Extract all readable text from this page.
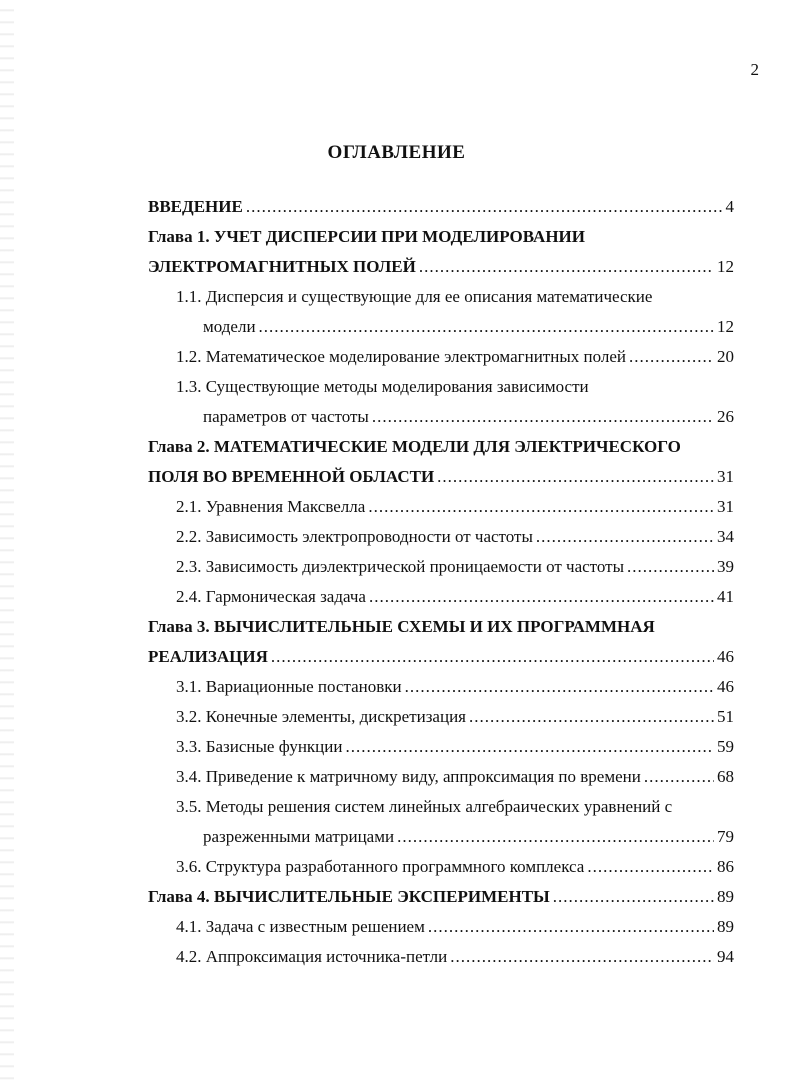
2
ОГЛАВЛЕНИЕ
ВВЕДЕНИЕ .....	4
Глава 1. УЧЕТ ДИСПЕРСИИ ПРИ МОДЕЛИРОВАНИИ
ЭЛЕКТРОМАГНИТНЫХ ПОЛЕЙ .....	12
1.1. Дисперсия и существующие для ее описания математические
модели .....	12
1.2. Математическое моделирование электромагнитных полей .....	20
1.3. Существующие методы моделирования зависимости
параметров от частоты .....	26
Глава 2. МАТЕМАТИЧЕСКИЕ МОДЕЛИ ДЛЯ ЭЛЕКТРИЧЕСКОГО
ПОЛЯ ВО ВРЕМЕННОЙ ОБЛАСТИ .....	31
2.1. Уравнения Максвелла .....	31
2.2. Зависимость электропроводности от частоты .....	34
2.3. Зависимость диэлектрической проницаемости от частоты .....	39
2.4. Гармоническая задача .....	41
Глава 3. ВЫЧИСЛИТЕЛЬНЫЕ СХЕМЫ И ИХ ПРОГРАММНАЯ
РЕАЛИЗАЦИЯ .....	46
3.1. Вариационные постановки .....	46
3.2. Конечные элементы, дискретизация .....	51
3.3. Базисные функции .....	59
3.4. Приведение к матричному виду, аппроксимация по времени .....	68
3.5. Методы решения систем линейных алгебраических уравнений с
разреженными матрицами .....	79
3.6. Структура разработанного программного комплекса .....	86
Глава 4. ВЫЧИСЛИТЕЛЬНЫЕ ЭКСПЕРИМЕНТЫ .....	89
4.1. Задача с известным решением .....	89
4.2. Аппроксимация источника-петли .....	94
